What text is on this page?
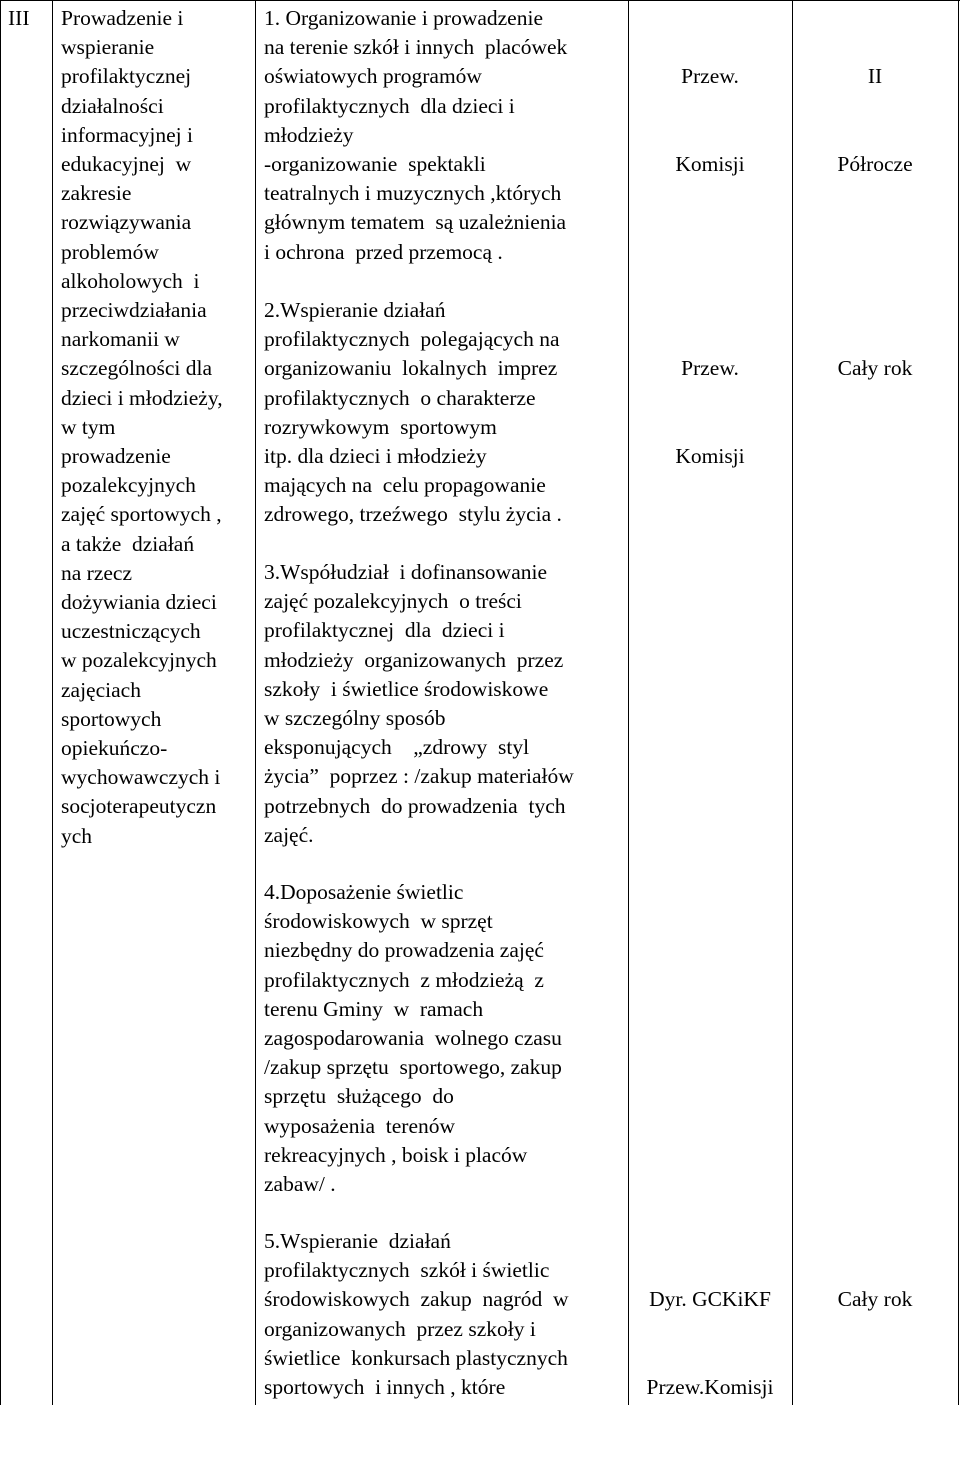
III Prowadzenie i
wspieranie
profilaktycznej
działalności
informacyjnej i
edukacyjnej  w
zakresie
rozwiązywania
problemów
alkoholowych  i
przeciwdziałania
narkomanii w
szczególności dla
dzieci i młodzieży,
w tym
prowadzenie
pozalekcyjnych
zajęć sportowych ,
a także  działań
na rzecz
dożywiania dzieci
uczestniczących
w pozalekcyjnych
zajęciach
sportowych
opiekuńczo-
wychowawczych i
socjoterapeutyczn
ych
1. Organizowanie i prowadzenie
na terenie szkół i innych  placówek
oświatowych programów
profilaktycznych  dla dzieci i
młodzieży
-organizowanie  spektakli
teatralnych i muzycznych ,których
głównym tematem  są uzależnienia
i ochrona  przed przemocą .
2.Wspieranie działań
profilaktycznych  polegających na
organizowaniu  lokalnych  imprez
profilaktycznych  o charakterze
rozrywkowym  sportowym
itp. dla dzieci i młodzieży
mających na  celu propagowanie
zdrowego, trzeźwego  stylu życia .
3.Współudział  i dofinansowanie
zajęć pozalekcyjnych  o treści
profilaktycznej  dla  dzieci i
młodzieży  organizowanych  przez
szkoły  i świetlice środowiskowe
w szczególny sposób
eksponujących    „zdrowy  styl
życia”  poprzez : /zakup materiałów
potrzebnych  do prowadzenia  tych
zajęć.
4.Doposażenie świetlic
środowiskowych  w sprzęt
niezbędny do prowadzenia zajęć
profilaktycznych  z młodzieżą  z
terenu Gminy  w  ramach
zagospodarowania  wolnego czasu
/zakup sprzętu  sportowego, zakup
sprzętu  służącego  do
wyposażenia  terenów
rekreacyjnych , boisk i placów
zabaw/ .
5.Wspieranie  działań
profilaktycznych  szkół i świetlic
środowiskowych  zakup  nagród  w
organizowanych  przez szkoły i
świetlice  konkursach plastycznych
sportowych  i innych , które

Przew.

Komisji

Przew.

Komisji

Dyr. GCKiKF

Przew.Komisji

II

Półrocze

Cały rok

Cały rok
